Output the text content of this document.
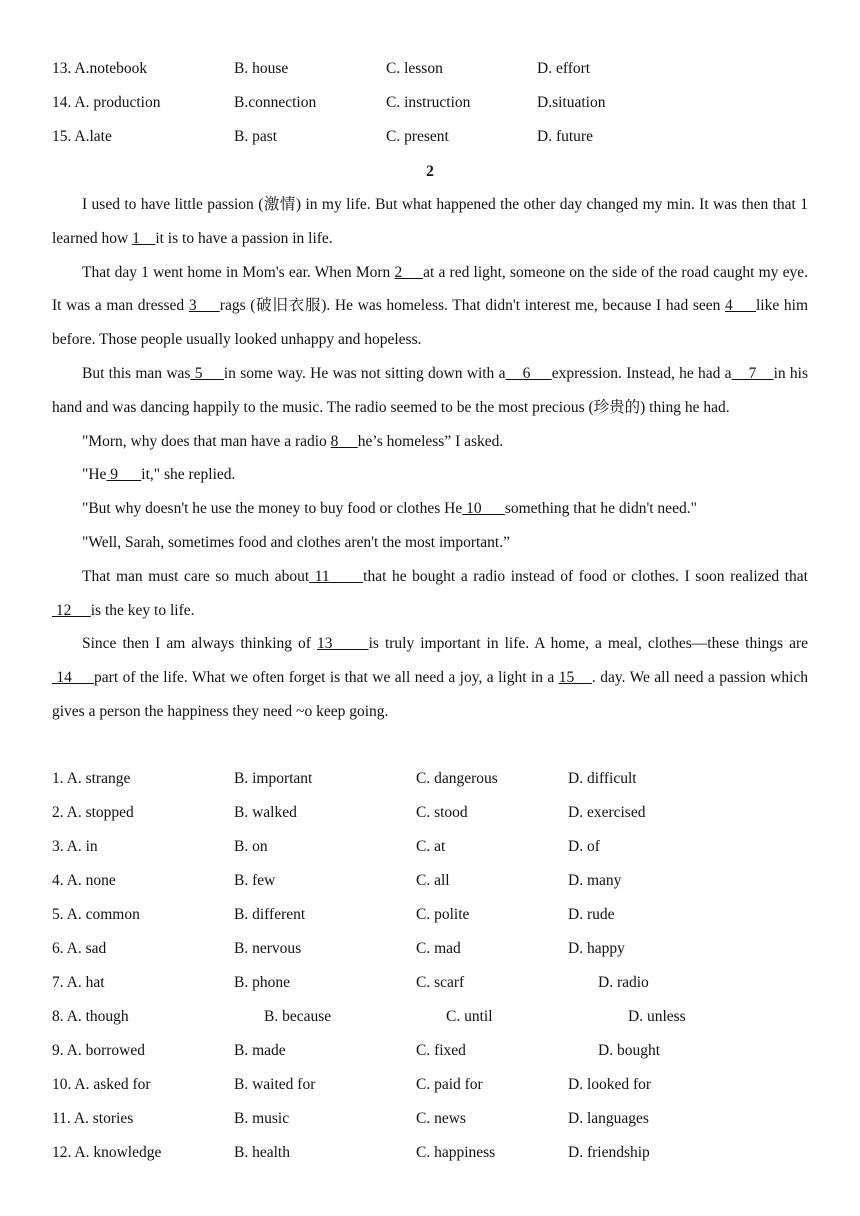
13. A.notebook	B. house	C. lesson	D. effort
14. A. production	B.connection	C. instruction	D.situation
15. A.late	B. past	C. present	D. future
2

I used to have little passion (激情) in my life. But what happened the other day changed my min. It was then that 1 learned how 1    it is to have a passion in life.

That day 1 went home in Mom's ear. When Morn 2     at a red light, someone on the side of the road caught my eye. It was a man dressed 3     rags (破旧衣服). He was homeless. That didn't interest me, because I had seen 4     like him before. Those people usually looked unhappy and hopeless.

But this man was 5     in some way. He was not sitting down with a    6     expression. Instead, he had a    7    in his hand and was dancing happily to the music. The radio seemed to be the most precious (珍贵的) thing he had.

"Morn, why does that man have a radio 8     he’s homeless” I asked.

"He 9      it," she replied.

"But why doesn't he use the money to buy food or clothes He 10      something that he didn't need."

"Well, Sarah, sometimes food and clothes aren't the most important.”

That man must care so much about 11      that he bought a radio instead of food or clothes. I soon realized that 12     is the key to life.

Since then I am always thinking of 13      is truly important in life. A home, a meal, clothes—these things are 14     part of the life. What we often forget is that we all need a joy, a light in a 15    . day. We all need a passion which gives a person the happiness they need ~o keep going.

1. A. strange	B. important	C. dangerous	D. difficult
2. A. stopped	B. walked	C. stood	D. exercised
3. A. in	B. on	C. at	D. of
4. A. none	B. few	C. all	D. many
5. A. common	B. different	C. polite	D. rude
6. A. sad	B. nervous	C. mad	D. happy
7. A. hat	B. phone	C. scarf	D. radio
8. A. though	B. because	C. until	D. unless
9. A. borrowed	B. made	C. fixed	D. bought
10. A. asked for	B. waited for	C. paid for	D. looked for
11. A. stories	B. music	C. news	D. languages
12. A. knowledge	B. health	C. happiness	D. friendship
